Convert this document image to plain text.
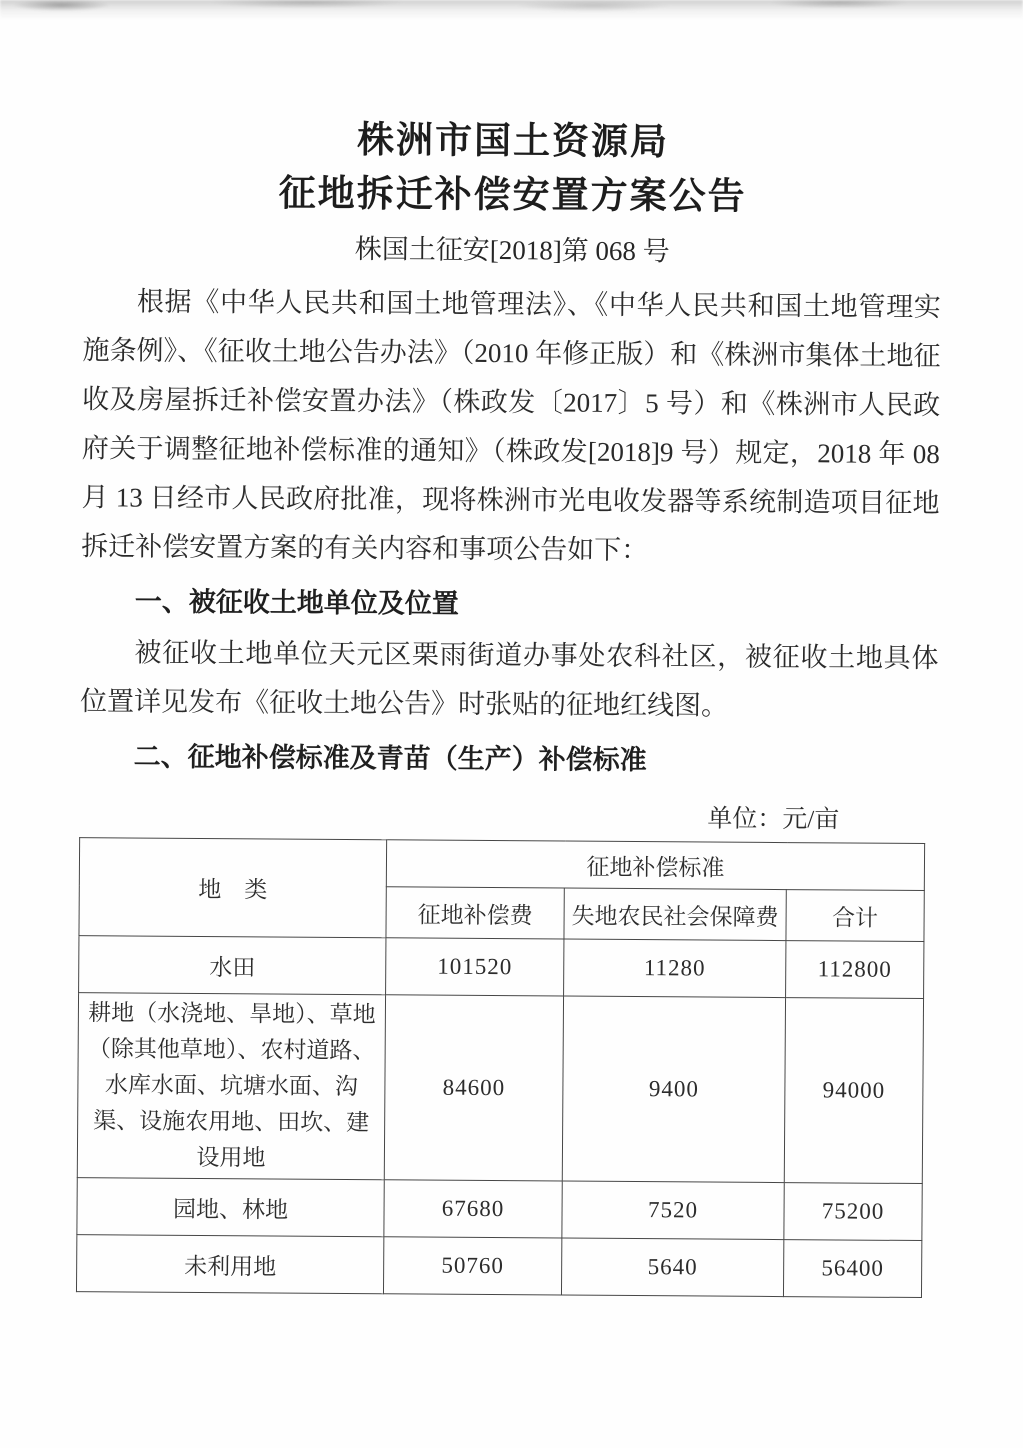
株洲市国土资源局
征地拆迁补偿安置方案公告
株国土征安[2018]第 068 号

根据《中华人民共和国土地管理法》、《中华人民共和国土地管理实施条例》、《征收土地公告办法》（2010 年修正版）和《株洲市集体土地征收及房屋拆迁补偿安置办法》（株政发〔2017〕5 号）和《株洲市人民政府关于调整征地补偿标准的通知》（株政发[2018]9 号）规定，2018 年 08 月 13 日经市人民政府批准，现将株洲市光电收发器等系统制造项目征地拆迁补偿安置方案的有关内容和事项公告如下：

一、被征收土地单位及位置

被征收土地单位天元区栗雨街道办事处农科社区，被征收土地具体位置详见发布《征收土地公告》时张贴的征地红线图。

二、征地补偿标准及青苗（生产）补偿标准
单位：元/亩
地　类	征地补偿标准		
	征地补偿费	失地农民社会保障费	合计
水田	101520	11280	112800
耕地（水浇地、旱地）、草地（除其他草地）、农村道路、水库水面、坑塘水面、沟渠、设施农用地、田坎、建设用地	84600	9400	94000
园地、林地	67680	7520	75200
未利用地	50760	5640	56400
